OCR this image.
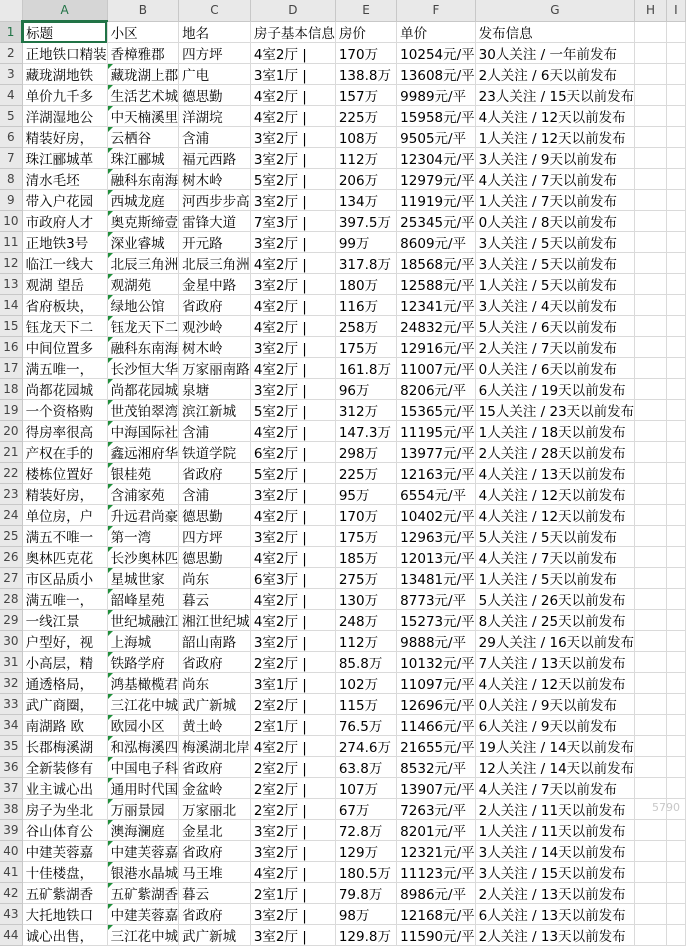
	A	B	C	D	E	F	G	H	I
1	标题	小区	地名	房子基本信息	房价	单价	发布信息		
2	正地铁口精装	香樟雅郡	四方坪	4室2厅 |	170万	10254元/平	30人关注 / 一年前发布		
3	藏珑湖地铁	藏珑湖上郡	广电	3室1厅 |	138.8万	13608元/平	2人关注 / 6天以前发布		
4	单价九千多	生活艺术城	德思勤	4室2厅 |	157万	9989元/平	23人关注 / 15天以前发布		
5	洋湖湿地公	中天楠溪里	洋湖垸	4室2厅 |	225万	15958元/平	4人关注 / 12天以前发布		
6	精装好房，	云栖谷	含浦	3室2厅 |	108万	9505元/平	1人关注 / 12天以前发布		
7	珠江郦城革	珠江郦城	福元西路	3室2厅 |	112万	12304元/平	3人关注 / 9天以前发布		
8	清水毛坯	融科东南海	树木岭	5室2厅 |	206万	12979元/平	4人关注 / 7天以前发布		
9	带入户花园	西城龙庭	河西步步高	3室2厅 |	134万	11919元/平	1人关注 / 7天以前发布		
10	市政府人才	奥克斯缔壹	雷锋大道	7室3厅 |	397.5万	25345元/平	0人关注 / 8天以前发布		
11	正地铁3号	深业睿城	开元路	3室2厅 |	99万	8609元/平	3人关注 / 5天以前发布		
12	临江一线大	北辰三角洲	北辰三角洲	4室2厅 |	317.8万	18568元/平	3人关注 / 5天以前发布		
13	观湖 望岳	观湖苑	金星中路	3室2厅 |	180万	12588元/平	1人关注 / 5天以前发布		
14	省府板块，	绿地公馆	省政府	4室2厅 |	116万	12341元/平	3人关注 / 4天以前发布		
15	钰龙天下二	钰龙天下二	观沙岭	4室2厅 |	258万	24832元/平	5人关注 / 6天以前发布		
16	中间位置多	融科东南海	树木岭	3室2厅 |	175万	12916元/平	2人关注 / 7天以前发布		
17	满五唯一，	长沙恒大华	万家丽南路	4室2厅 |	161.8万	11007元/平	0人关注 / 6天以前发布		
18	尚都花园城	尚都花园城	泉塘	3室2厅 |	96万	8206元/平	6人关注 / 19天以前发布		
19	一个资格购	世茂铂翠湾	滨江新城	5室2厅 |	312万	15365元/平	15人关注 / 23天以前发布		
20	得房率很高	中海国际社	含浦	4室2厅 |	147.3万	11195元/平	1人关注 / 18天以前发布		
21	产权在手的	鑫远湘府华	铁道学院	6室2厅 |	298万	13977元/平	2人关注 / 28天以前发布		
22	楼栋位置好	银桂苑	省政府	5室2厅 |	225万	12163元/平	4人关注 / 13天以前发布		
23	精装好房，	含浦家苑	含浦	3室2厅 |	95万	6554元/平	4人关注 / 12天以前发布		
24	单位房，户	升远君尚豪	德思勤	4室2厅 |	170万	10402元/平	4人关注 / 12天以前发布		
25	满五不唯一	第一湾	四方坪	3室2厅 |	175万	12963元/平	5人关注 / 5天以前发布		
26	奥林匹克花	长沙奥林匹	德思勤	4室2厅 |	185万	12013元/平	4人关注 / 7天以前发布		
27	市区品质小	星城世家	尚东	6室3厅 |	275万	13481元/平	1人关注 / 5天以前发布		
28	满五唯一，	韶峰星苑	暮云	4室2厅 |	130万	8773元/平	5人关注 / 26天以前发布		
29	一线江景	世纪城融江	湘江世纪城	4室2厅 |	248万	15273元/平	8人关注 / 25天以前发布		
30	户型好，视	上海城	韶山南路	3室2厅 |	112万	9888元/平	29人关注 / 16天以前发布		
31	小高层，精	铁路学府	省政府	2室2厅 |	85.8万	10132元/平	7人关注 / 13天以前发布		
32	通透格局，	鸿基橄榄君	尚东	3室1厅 |	102万	11097元/平	4人关注 / 12天以前发布		
33	武广商圈，	三江花中城	武广新城	2室2厅 |	115万	12696元/平	0人关注 / 9天以前发布		
34	南湖路 欧	欧园小区	黄土岭	2室1厅 |	76.5万	11466元/平	6人关注 / 9天以前发布		
35	长郡梅溪湖	和泓梅溪四	梅溪湖北岸	4室2厅 |	274.6万	21655元/平	19人关注 / 14天以前发布		
36	全新装修有	中国电子科	省政府	2室2厅 |	63.8万	8532元/平	12人关注 / 14天以前发布		
37	业主诚心出	通用时代国	金盆岭	2室2厅 |	107万	13907元/平	4人关注 / 7天以前发布		
38	房子为坐北	万丽景园	万家丽北	2室2厅 |	67万	7263元/平	2人关注 / 11天以前发布		
39	谷山体育公	澳海澜庭	金星北	3室2厅 |	72.8万	8201元/平	1人关注 / 11天以前发布		
40	中建芙蓉嘉	中建芙蓉嘉	省政府	3室2厅 |	129万	12321元/平	3人关注 / 14天以前发布		
41	十佳楼盘，	银港水晶城	马王堆	4室2厅 |	180.5万	11123元/平	3人关注 / 15天以前发布		
42	五矿紫湖香	五矿紫湖香	暮云	2室1厅 |	79.8万	8986元/平	2人关注 / 13天以前发布		
43	大托地铁口	中建芙蓉嘉	省政府	3室2厅 |	98万	12168元/平	6人关注 / 13天以前发布		
44	诚心出售，	三江花中城	武广新城	3室2厅 |	129.8万	11590元/平	2人关注 / 13天以前发布		
5790
